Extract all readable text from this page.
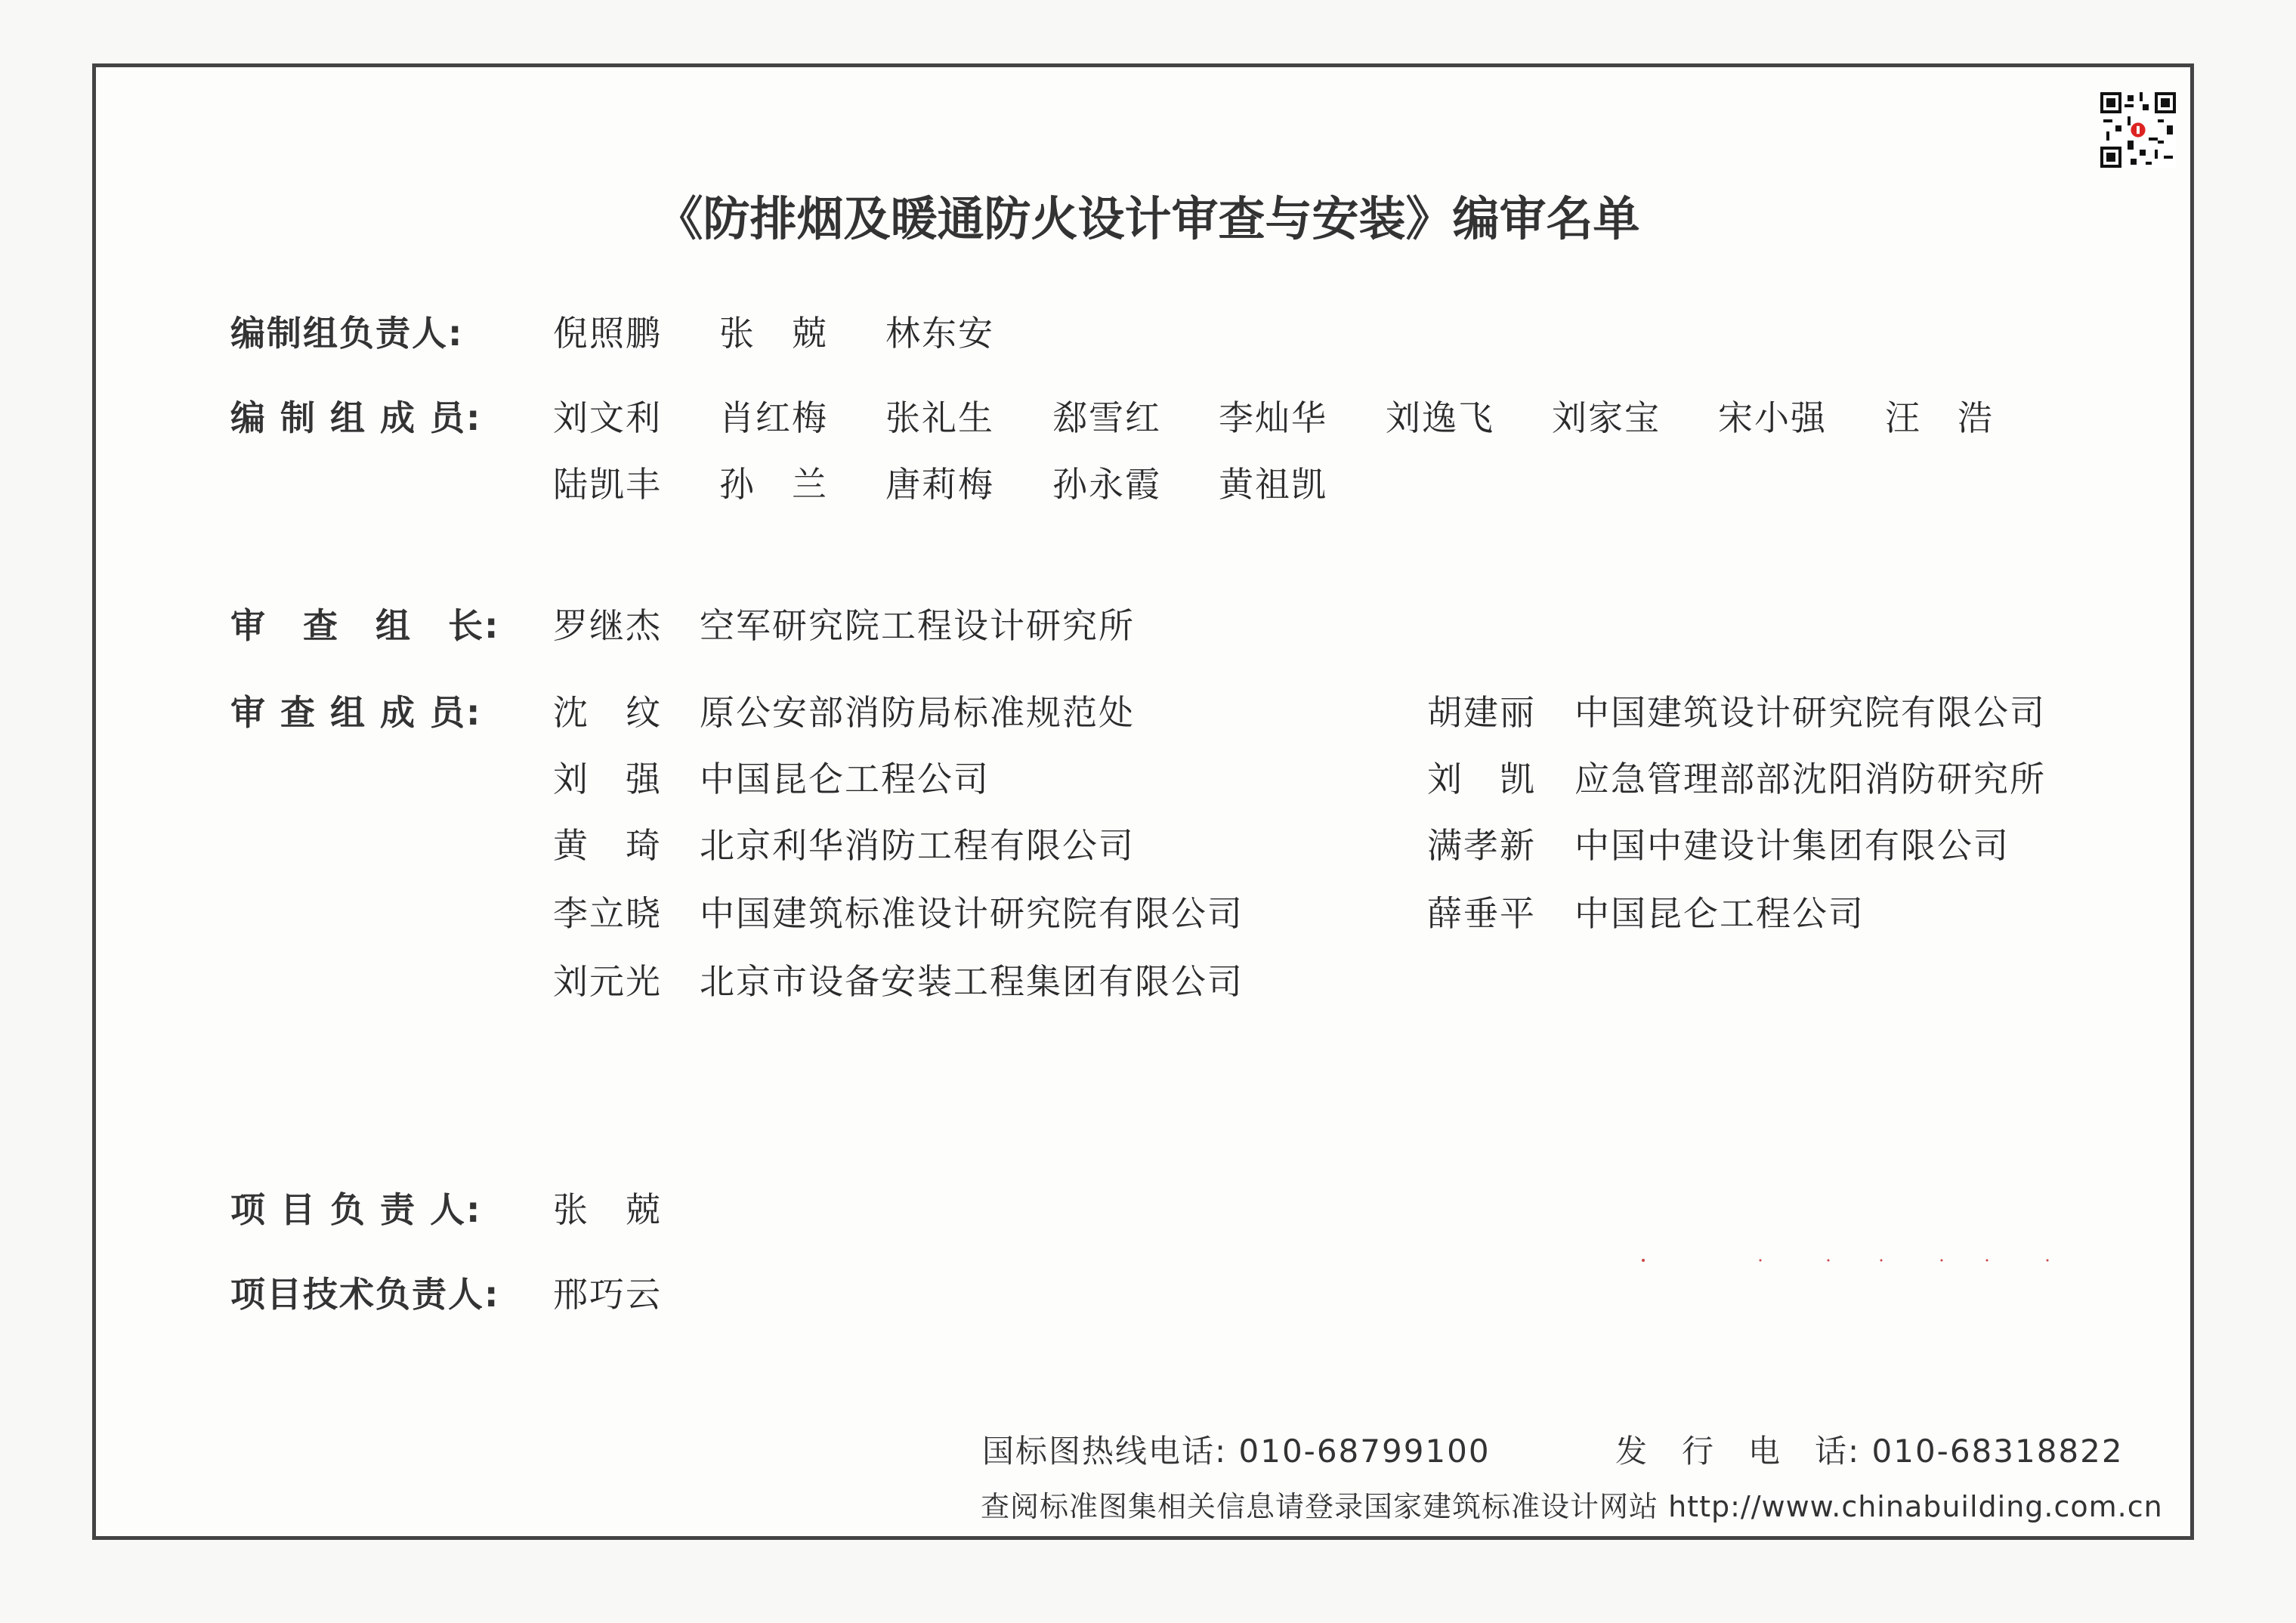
《防排烟及暖通防火设计审查与安装》编审名单
编制组负责人:	倪照鹏 张　兢 林东安
编 制 组 成 员: 刘文利 肖红梅 张礼生 郄雪红 李灿华 刘逸飞 刘家宝 宋小强 汪　浩
陆凯丰 孙　兰 唐莉梅 孙永霞 黄祖凯
审　查　组　长: 罗继杰 空军研究院工程设计研究所
审 查 组 成 员: 沈　纹 原公安部消防局标准规范处
刘　强 中国昆仑工程公司
黄　琦 北京利华消防工程有限公司
李立晓 中国建筑标准设计研究院有限公司
刘元光 北京市设备安装工程集团有限公司
胡建丽 中国建筑设计研究院有限公司
刘　凯 应急管理部部沈阳消防研究所
满孝新 中国中建设计集团有限公司
薛垂平 中国昆仑工程公司
项 目 负 责 人: 张　兢
项目技术负责人: 邢巧云
国标图热线电话: 010-68799100	发　行　电　话: 010-68318822
查阅标准图集相关信息请登录国家建筑标准设计网站 http://www.chinabuilding.com.cn
